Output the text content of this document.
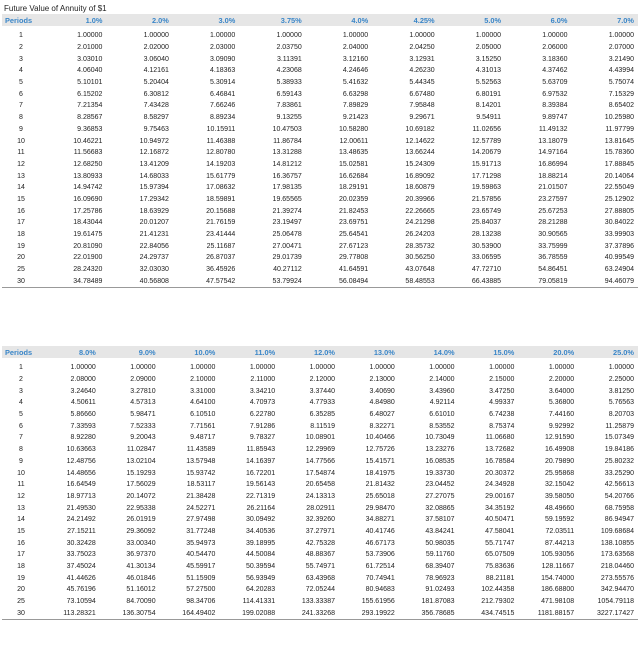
Future Value of Annuity of $1
Periods	1.0%	2.0%	3.0%	3.75%	4.0%	4.25%	5.0%	6.0%	7.0%
1	1.00000	1.00000	1.00000	1.00000	1.00000	1.00000	1.00000	1.00000	1.00000
2	2.01000	2.02000	2.03000	2.03750	2.04000	2.04250	2.05000	2.06000	2.07000
3	3.03010	3.06040	3.09090	3.11391	3.12160	3.12931	3.15250	3.18360	3.21490
4	4.06040	4.12161	4.18363	4.23068	4.24646	4.26230	4.31013	4.37462	4.43994
5	5.10101	5.20404	5.30914	5.38933	5.41632	5.44345	5.52563	5.63709	5.75074
6	6.15202	6.30812	6.46841	6.59143	6.63298	6.67480	6.80191	6.97532	7.15329
7	7.21354	7.43428	7.66246	7.83861	7.89829	7.95848	8.14201	8.39384	8.65402
8	8.28567	8.58297	8.89234	9.13255	9.21423	9.29671	9.54911	9.89747	10.25980
9	9.36853	9.75463	10.15911	10.47503	10.58280	10.69182	11.02656	11.49132	11.97799
10	10.46221	10.94972	11.46388	11.86784	12.00611	12.14622	12.57789	13.18079	13.81645
11	11.56683	12.16872	12.80780	13.31288	13.48635	13.66244	14.20679	14.97164	15.78360
12	12.68250	13.41209	14.19203	14.81212	15.02581	15.24309	15.91713	16.86994	17.88845
13	13.80933	14.68033	15.61779	16.36757	16.62684	16.89092	17.71298	18.88214	20.14064
14	14.94742	15.97394	17.08632	17.98135	18.29191	18.60879	19.59863	21.01507	22.55049
15	16.09690	17.29342	18.59891	19.65565	20.02359	20.39966	21.57856	23.27597	25.12902
16	17.25786	18.63929	20.15688	21.39274	21.82453	22.26665	23.65749	25.67253	27.88805
17	18.43044	20.01207	21.76159	23.19497	23.69751	24.21298	25.84037	28.21288	30.84022
18	19.61475	21.41231	23.41444	25.06478	25.64541	26.24203	28.13238	30.90565	33.99903
19	20.81090	22.84056	25.11687	27.00471	27.67123	28.35732	30.53900	33.75999	37.37896
20	22.01900	24.29737	26.87037	29.01739	29.77808	30.56250	33.06595	36.78559	40.99549
25	28.24320	32.03030	36.45926	40.27112	41.64591	43.07648	47.72710	54.86451	63.24904
30	34.78489	40.56808	47.57542	53.79924	56.08494	58.48553	66.43885	79.05819	94.46079
Periods	8.0%	9.0%	10.0%	11.0%	12.0%	13.0%	14.0%	15.0%	20.0%	25.0%
1	1.00000	1.00000	1.00000	1.00000	1.00000	1.00000	1.00000	1.00000	1.00000	1.00000
2	2.08000	2.09000	2.10000	2.11000	2.12000	2.13000	2.14000	2.15000	2.20000	2.25000
3	3.24640	3.27810	3.31000	3.34210	3.37440	3.40690	3.43960	3.47250	3.64000	3.81250
4	4.50611	4.57313	4.64100	4.70973	4.77933	4.84980	4.92114	4.99337	5.36800	5.76563
5	5.86660	5.98471	6.10510	6.22780	6.35285	6.48027	6.61010	6.74238	7.44160	8.20703
6	7.33593	7.52333	7.71561	7.91286	8.11519	8.32271	8.53552	8.75374	9.92992	11.25879
7	8.92280	9.20043	9.48717	9.78327	10.08901	10.40466	10.73049	11.06680	12.91590	15.07349
8	10.63663	11.02847	11.43589	11.85943	12.29969	12.75726	13.23276	13.72682	16.49908	19.84186
9	12.48756	13.02104	13.57948	14.16397	14.77566	15.41571	16.08535	16.78584	20.79890	25.80232
10	14.48656	15.19293	15.93742	16.72201	17.54874	18.41975	19.33730	20.30372	25.95868	33.25290
11	16.64549	17.56029	18.53117	19.56143	20.65458	21.81432	23.04452	24.34928	32.15042	42.56613
12	18.97713	20.14072	21.38428	22.71319	24.13313	25.65018	27.27075	29.00167	39.58050	54.20766
13	21.49530	22.95338	24.52271	26.21164	28.02911	29.98470	32.08865	34.35192	48.49660	68.75958
14	24.21492	26.01919	27.97498	30.09492	32.39260	34.88271	37.58107	40.50471	59.19592	86.94947
15	27.15211	29.36092	31.77248	34.40536	37.27971	40.41746	43.84241	47.58041	72.03511	109.68684
16	30.32428	33.00340	35.94973	39.18995	42.75328	46.67173	50.98035	55.71747	87.44213	138.10855
17	33.75023	36.97370	40.54470	44.50084	48.88367	53.73906	59.11760	65.07509	105.93056	173.63568
18	37.45024	41.30134	45.59917	50.39594	55.74971	61.72514	68.39407	75.83636	128.11667	218.04460
19	41.44626	46.01846	51.15909	56.93949	63.43968	70.74941	78.96923	88.21181	154.74000	273.55576
20	45.76196	51.16012	57.27500	64.20283	72.05244	80.94683	91.02493	102.44358	186.68800	342.94470
25	73.10594	84.70090	98.34706	114.41331	133.33387	155.61956	181.87083	212.79302	471.98108	1054.79118
30	113.28321	136.30754	164.49402	199.02088	241.33268	293.19922	356.78685	434.74515	1181.88157	3227.17427
